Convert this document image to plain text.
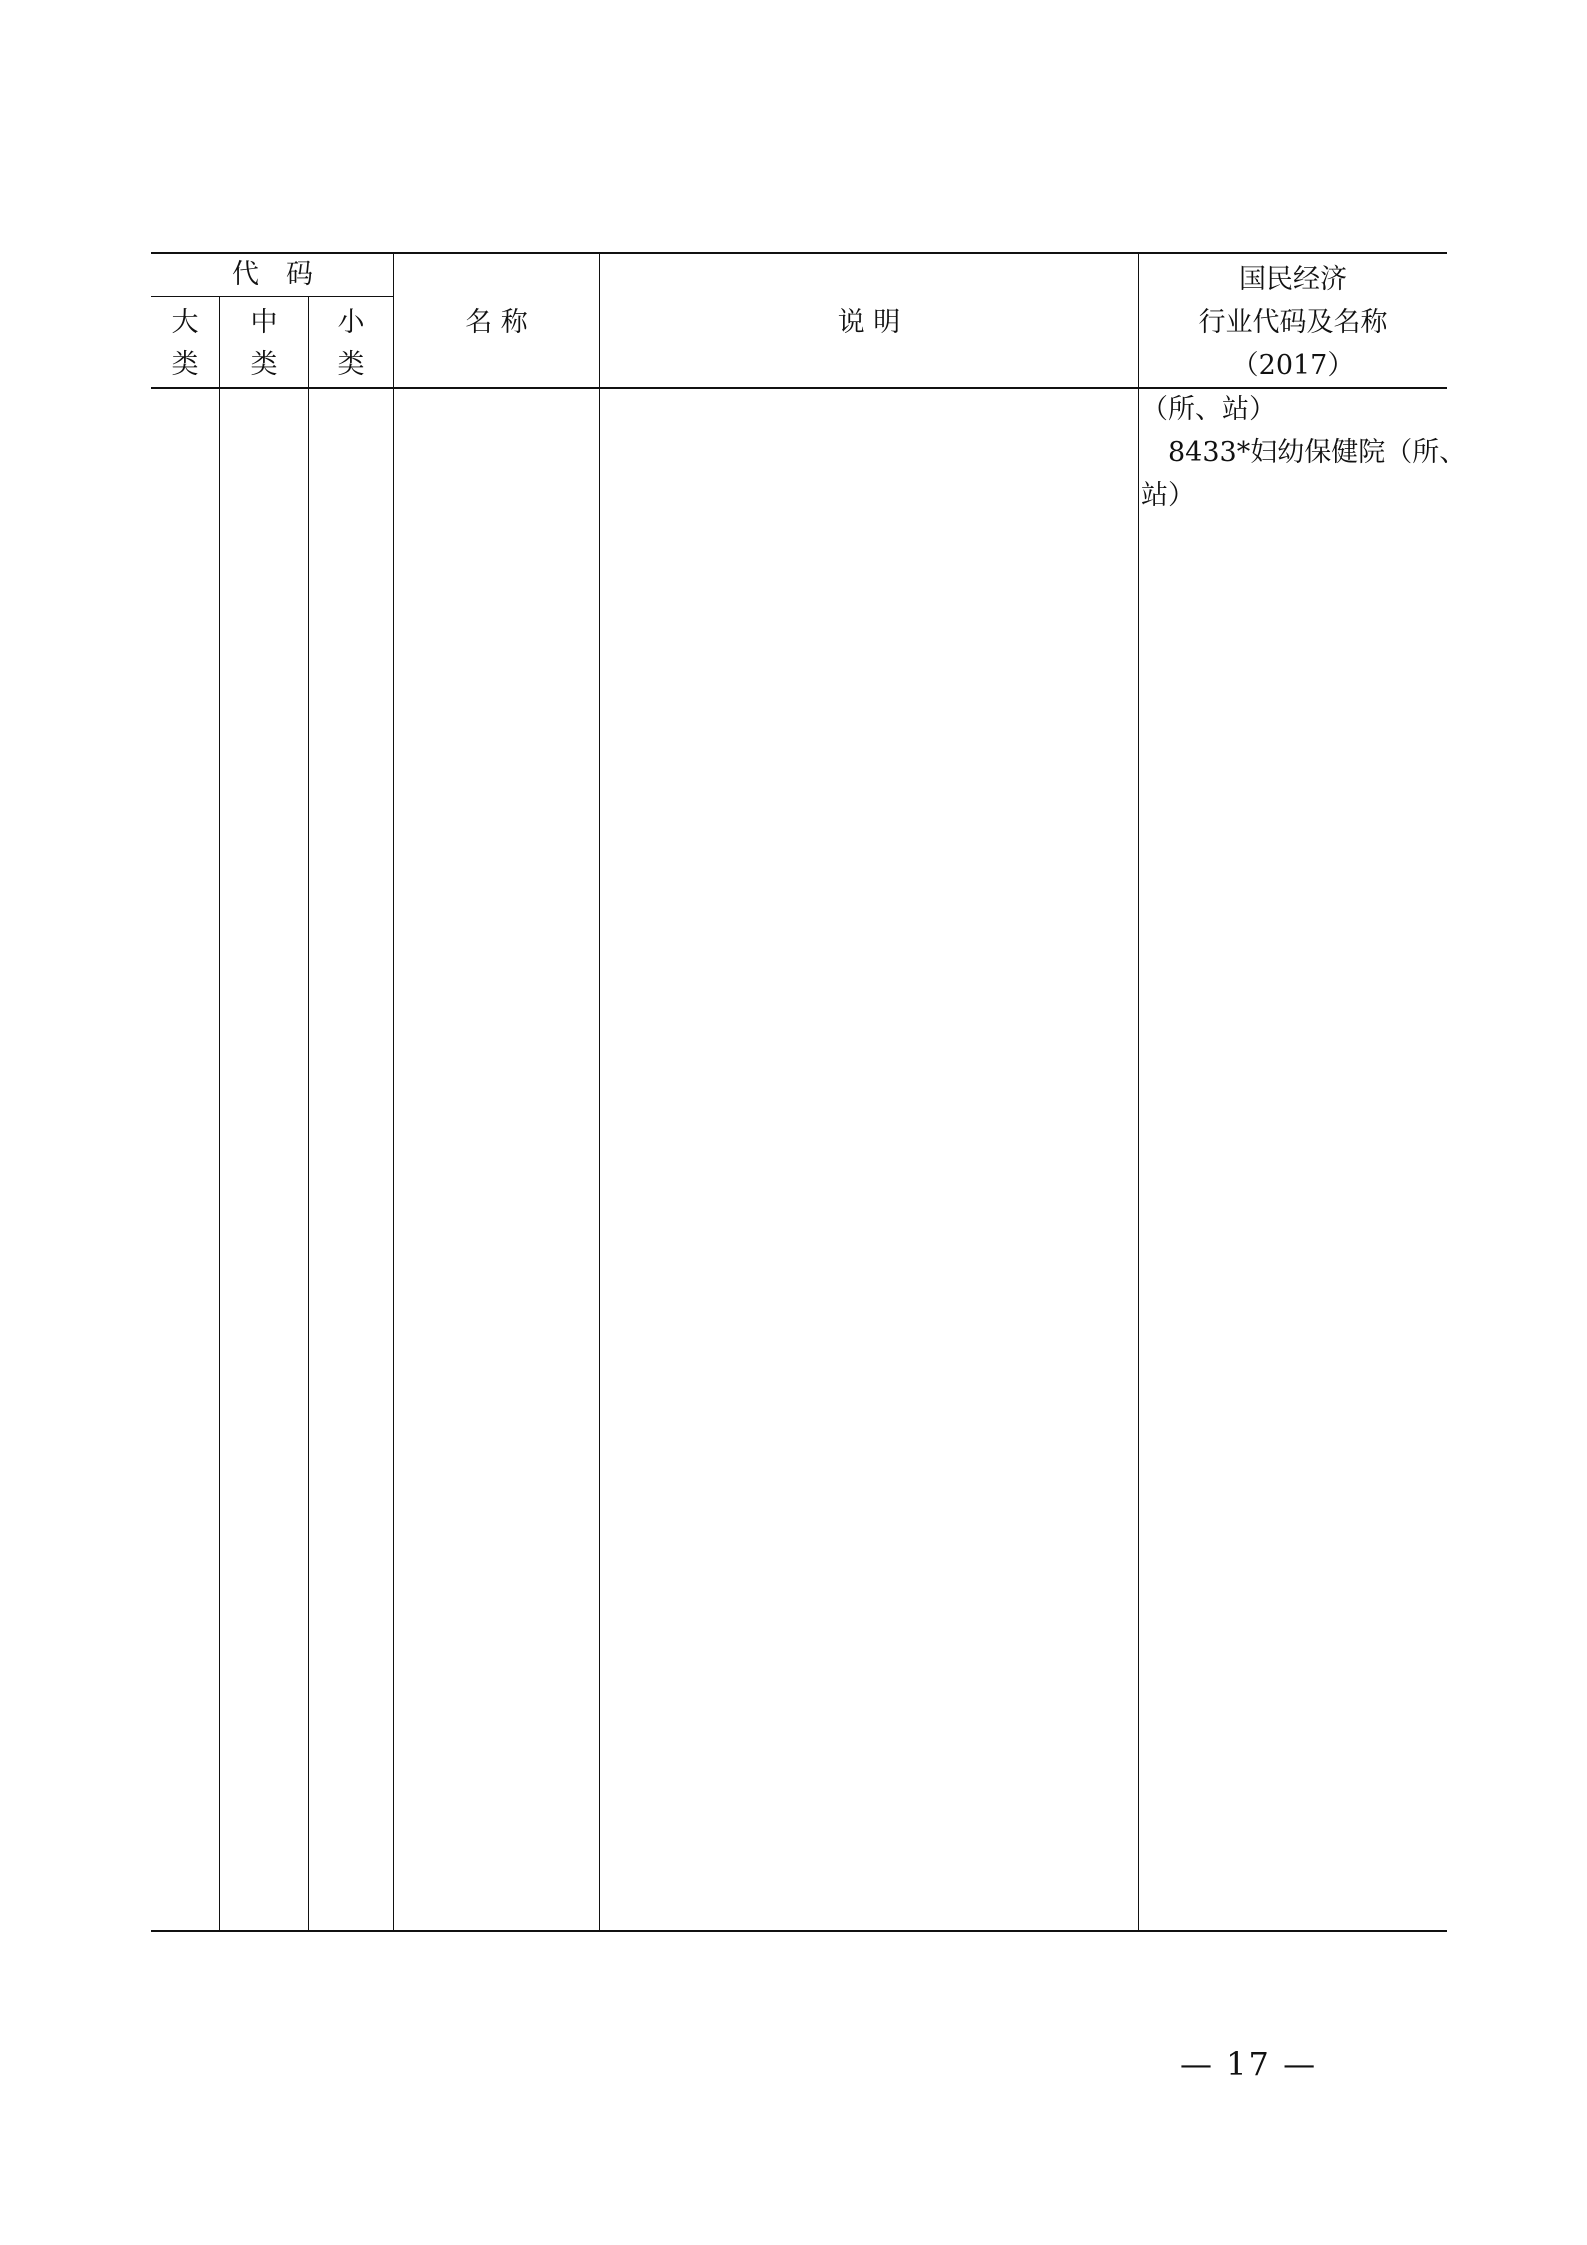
代　码
大类
中类
小类
名 称	说 明
国民经济
行业代码及名称
（2017）
（所、站）
　8433*妇幼保健院（所、
站）
— 17 —
